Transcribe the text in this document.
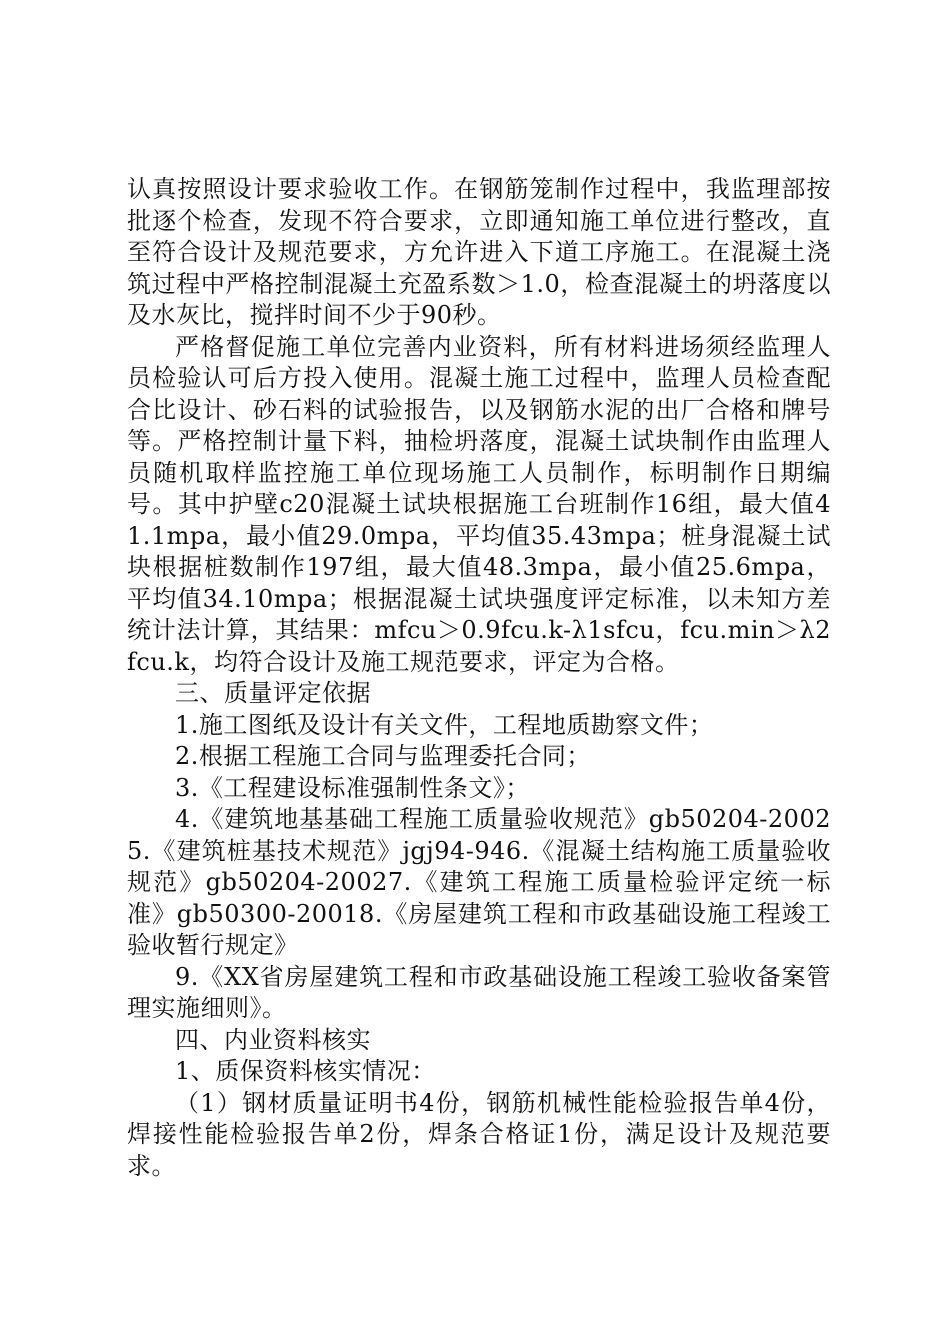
认真按照设计要求验收工作。在钢筋笼制作过程中，我监理部按批逐个检查，发现不符合要求，立即通知施工单位进行整改，直至符合设计及规范要求，方允许进入下道工序施工。在混凝土浇筑过程中严格控制混凝土充盈系数＞1.0，检查混凝土的坍落度以及水灰比，搅拌时间不少于90秒。

严格督促施工单位完善内业资料，所有材料进场须经监理人员检验认可后方投入使用。混凝土施工过程中，监理人员检查配合比设计、砂石料的试验报告，以及钢筋水泥的出厂合格和牌号等。严格控制计量下料，抽检坍落度，混凝土试块制作由监理人员随机取样监控施工单位现场施工人员制作，标明制作日期编号。其中护壁c20混凝土试块根据施工台班制作16组，最大值41.1mpa，最小值29.0mpa，平均值35.43mpa；桩身混凝土试块根据桩数制作197组，最大值48.3mpa，最小值25.6mpa，平均值34.10mpa；根据混凝土试块强度评定标准，以未知方差统计法计算，其结果：mfcu＞0.9fcu.k-λ1sfcu，fcu.min＞λ2fcu.k，均符合设计及施工规范要求，评定为合格。

三、质量评定依据

1.施工图纸及设计有关文件，工程地质勘察文件；

2.根据工程施工合同与监理委托合同；

3.《工程建设标准强制性条文》；

4.《建筑地基基础工程施工质量验收规范》gb50204-20025.《建筑桩基技术规范》jgj94-946.《混凝土结构施工质量验收规范》gb50204-20027.《建筑工程施工质量检验评定统一标准》gb50300-20018.《房屋建筑工程和市政基础设施工程竣工验收暂行规定》

9.《XX省房屋建筑工程和市政基础设施工程竣工验收备案管理实施细则》。

四、内业资料核实

1、质保资料核实情况：

（1）钢材质量证明书4份，钢筋机械性能检验报告单4份，焊接性能检验报告单2份，焊条合格证1份，满足设计及规范要求。
